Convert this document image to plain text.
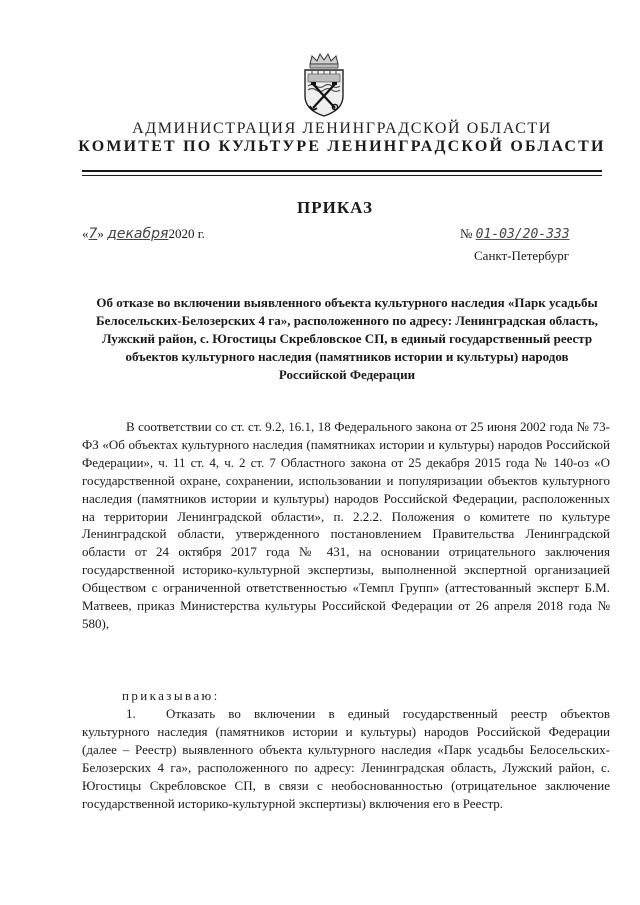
АДМИНИСТРАЦИЯ ЛЕНИНГРАДСКОЙ ОБЛАСТИ
КОМИТЕТ ПО КУЛЬТУРЕ ЛЕНИНГРАДСКОЙ ОБЛАСТИ
ПРИКАЗ
«7» декабря2020 г.	№ 01-03/20-333
Санкт-Петербург
Об отказе во включении выявленного объекта культурного наследия «Парк усадьбы Белосельских-Белозерских 4 га», расположенного по адресу: Ленинградская область, Лужский район, с. Югостицы Скребловское СП, в единый государственный реестр объектов культурного наследия (памятников истории и культуры) народов Российской Федерации
В соответствии со ст. ст. 9.2, 16.1, 18 Федерального закона от 25 июня 2002 года № 73-ФЗ «Об объектах культурного наследия (памятниках истории и культуры) народов Российской Федерации», ч. 11 ст. 4, ч. 2 ст. 7 Областного закона от 25 декабря 2015 года № 140-оз «О государственной охране, сохранении, использовании и популяризации объектов культурного наследия (памятников истории и культуры) народов Российской Федерации, расположенных на территории Ленинградской области», п. 2.2.2. Положения о комитете по культуре Ленинградской области, утвержденного постановлением Правительства Ленинградской области от 24 октября 2017 года № 431, на основании отрицательного заключения государственной историко-культурной экспертизы, выполненной экспертной организацией Обществом с ограниченной ответственностью «Темпл Групп» (аттестованный эксперт Б.М. Матвеев, приказ Министерства культуры Российской Федерации от 26 апреля 2018 года № 580),
приказываю:
1. Отказать во включении в единый государственный реестр объектов культурного наследия (памятников истории и культуры) народов Российской Федерации (далее – Реестр) выявленного объекта культурного наследия «Парк усадьбы Белосельских-Белозерских 4 га», расположенного по адресу: Ленинградская область, Лужский район, с. Югостицы Скребловское СП, в связи с необоснованностью (отрицательное заключение государственной историко-культурной экспертизы) включения его в Реестр.
